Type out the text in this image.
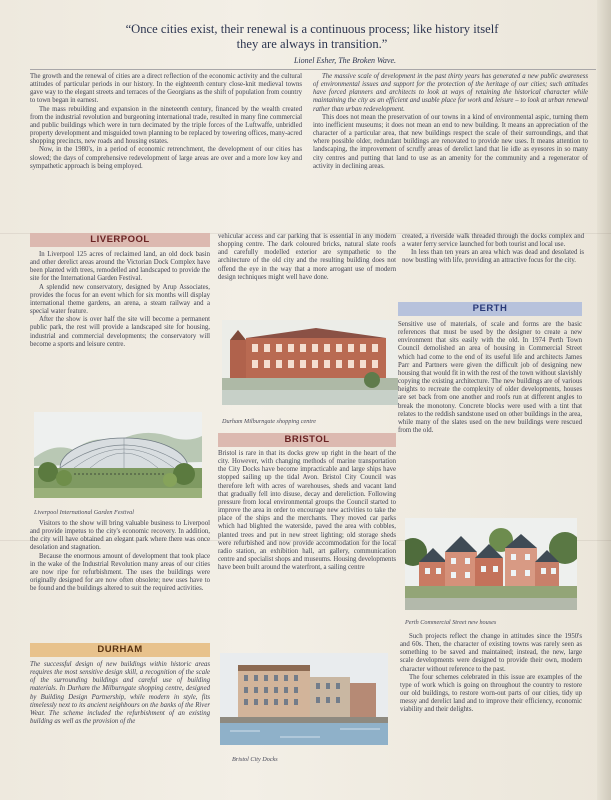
“Once cities exist, their renewal is a continuous process; like history itself they are always in transition.”
Lionel Esher, The Broken Wave.

The growth and the renewal of cities are a direct reflection of the economic activity and the cultural attitudes of particular periods in our history. In the eighteenth century close-knit medieval towns gave way to the elegant streets and terraces of the Georgians as the shift of population from country to town began in earnest.

The mass rebuilding and expansion in the nineteenth century, financed by the wealth created from the industrial revolution and burgeoning international trade, resulted in many fine commercial and public buildings which were in turn decimated by the triple forces of the Luftwaffe, unbridled property development and misguided town planning to be replaced by towering offices, many-acred shopping precincts, new roads and housing estates.

Now, in the 1980's, in a period of economic retrenchment, the development of our cities has slowed; the days of comprehensive redevelopment of large areas are over and a more low key and sympathetic approach is being employed.

The massive scale of development in the past thirty years has generated a new public awareness of environmental issues and support for the protection of the heritage of our cities; such attitudes have forced planners and architects to look at ways of retaining the historical character while maintaining the city as an efficient and usable place for work and leisure – to look at urban renewal rather than urban redevelopment.

This does not mean the preservation of our towns in a kind of environmental aspic, turning them into inefficient museums; it does not mean an end to new building. It means an appreciation of the character of a particular area, that new buildings respect the scale of their surroundings, and that where possible older, redundant buildings are renovated to provide new uses. It means attention to landscaping, the improvement of scruffy areas of derelict land that lie idle as eyesores in so many city centres and putting that land to use as an amenity for the community and a regenerator of activity in declining areas.

LIVERPOOL

In Liverpool 125 acres of reclaimed land, an old dock basin and other derelict areas around the Victorian Dock Complex have been planted with trees, remodelled and landscaped to provide the site for the International Garden Festival.

A splendid new conservatory, designed by Arup Associates, provides the focus for an event which for six months will display international theme gardens, an arena, a steam railway and a special water feature.

After the show is over half the site will become a permanent public park, the rest will provide a landscaped site for housing, industrial and commercial developments; the conservatory will become a sports and leisure centre.

Liverpool International Garden Festival

Visitors to the show will bring valuable business to Liverpool and provide impetus to the city's economic recovery. In addition, the city will have obtained an elegant park where there was once desolation and stagnation.

Because the enormous amount of development that took place in the wake of the Industrial Revolution many areas of our cities are now ripe for refurbishment. The uses the buildings were originally designed for are now often obsolete; new uses have to be found and the buildings altered to suit the required activities.

DURHAM

The successful design of new buildings within historic areas requires the most sensitive design skill, a recognition of the scale of the surrounding buildings and careful use of building materials. In Durham the Milburngate shopping centre, designed by Building Design Partnership, while modern in style, fits timelessly next to its ancient neighbours on the banks of the River Wear. The scheme included the refurbishment of an existing building as well as the provision of the

vehicular access and car parking that is essential in any modern shopping centre. The dark coloured bricks, natural slate roofs and carefully modelled exterior are sympathetic to the architecture of the old city and the resulting building does not offend the eye in the way that a more arrogant use of modern design techniques might well have done.

Durham Milburngate shopping centre
BRISTOL

Bristol is rare in that its docks grew up right in the heart of the city. However, with changing methods of marine transportation the City Docks have become impracticable and large ships have stopped sailing up the tidal Avon. Bristol City Council was therefore left with acres of warehouses, sheds and vacant land that gradually fell into disuse, decay and dereliction. Following pressure from local environmental groups the Council started to improve the area in order to encourage new activities to take the place of the ships and the merchants. They moved car parks which had blighted the waterside, paved the area with cobbles, planted trees and put in new street lighting; old storage sheds were refurbished and now provide accommodation for the local radio station, an exhibition hall, art gallery, communication centre and specialist shops and museums. Housing developments have been built around the waterfront, a sailing centre

Bristol City Docks

created, a riverside walk threaded through the docks complex and a water ferry service launched for both tourist and local use.

In less than ten years an area which was dead and desolated is now bustling with life, providing an attractive focus for the city.

PERTH

Sensitive use of materials, of scale and forms are the basic references that must be used by the designer to create a new environment that sits easily with the old. In 1974 Perth Town Council demolished an area of housing in Commercial Street which had come to the end of its useful life and architects James Parr and Partners were given the difficult job of designing new housing that would fit in with the rest of the town without slavishly copying the existing architecture. The new buildings are of various heights to recreate the complexity of older developments, houses are set back from one another and roofs run at different angles to break the monotony. Concrete blocks were used with a tint that relates to the reddish sandstone used on other buildings in the area, while many of the slates used on the new buildings were rescued from the old.

Perth Commercial Street new houses

Such projects reflect the change in attitudes since the 1950's and 60s. Then, the character of existing towns was rarely seen as something to be saved and maintained; instead, the new, large scale developments were designed to provide their own, modern character without reference to the past.

The four schemes celebrated in this issue are examples of the type of work which is going on throughout the country to restore our old buildings, to restore worn-out parts of our cities, tidy up messy and derelict land and to improve their efficiency, economic viability and their delights.
